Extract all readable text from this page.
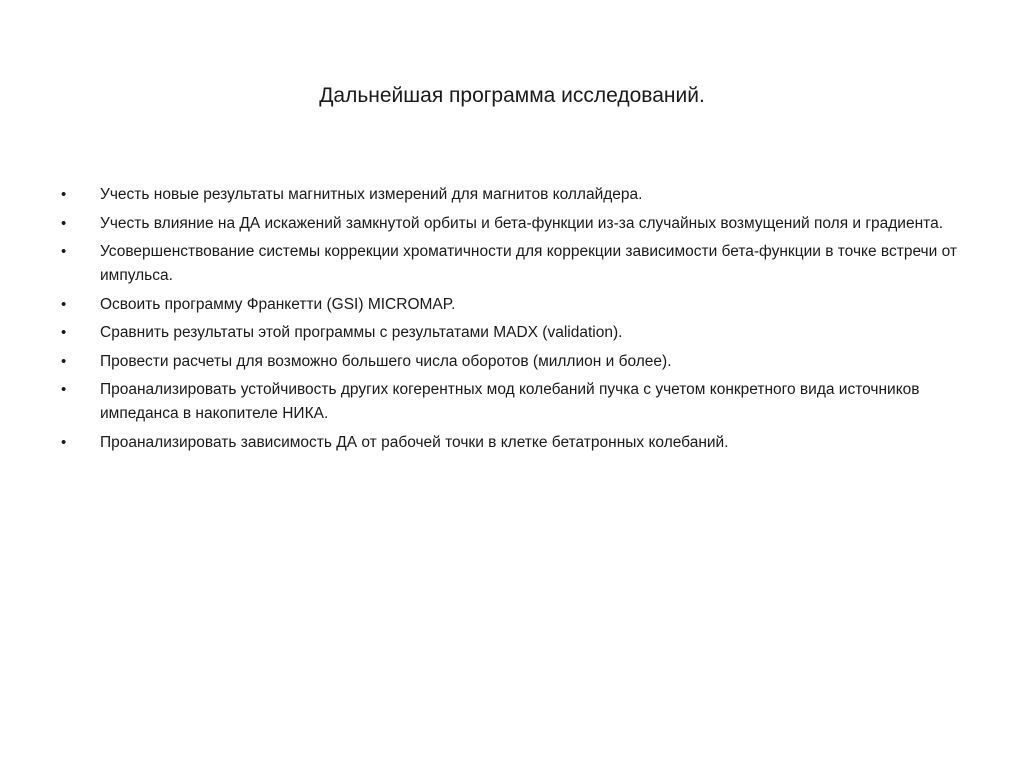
Дальнейшая программа исследований.
• Учесть новые результаты магнитных измерений для магнитов коллайдера.
• Учесть влияние на ДА искажений замкнутой орбиты и бета-функции из-за случайных возмущений поля и градиента.
• Усовершенствование системы коррекции хроматичности для коррекции зависимости бета-функции в точке встречи от импульса.
• Освоить программу Франкетти (GSI) MICROMAP.
• Сравнить результаты этой программы с результатами MADX (validation).
• Провести расчеты для возможно большего числа оборотов (миллион и более).
• Проанализировать устойчивость других когерентных мод колебаний пучка с учетом конкретного вида источников импеданса в накопителе НИКА.
• Проанализировать зависимость ДА от рабочей точки в клетке бетатронных колебаний.
